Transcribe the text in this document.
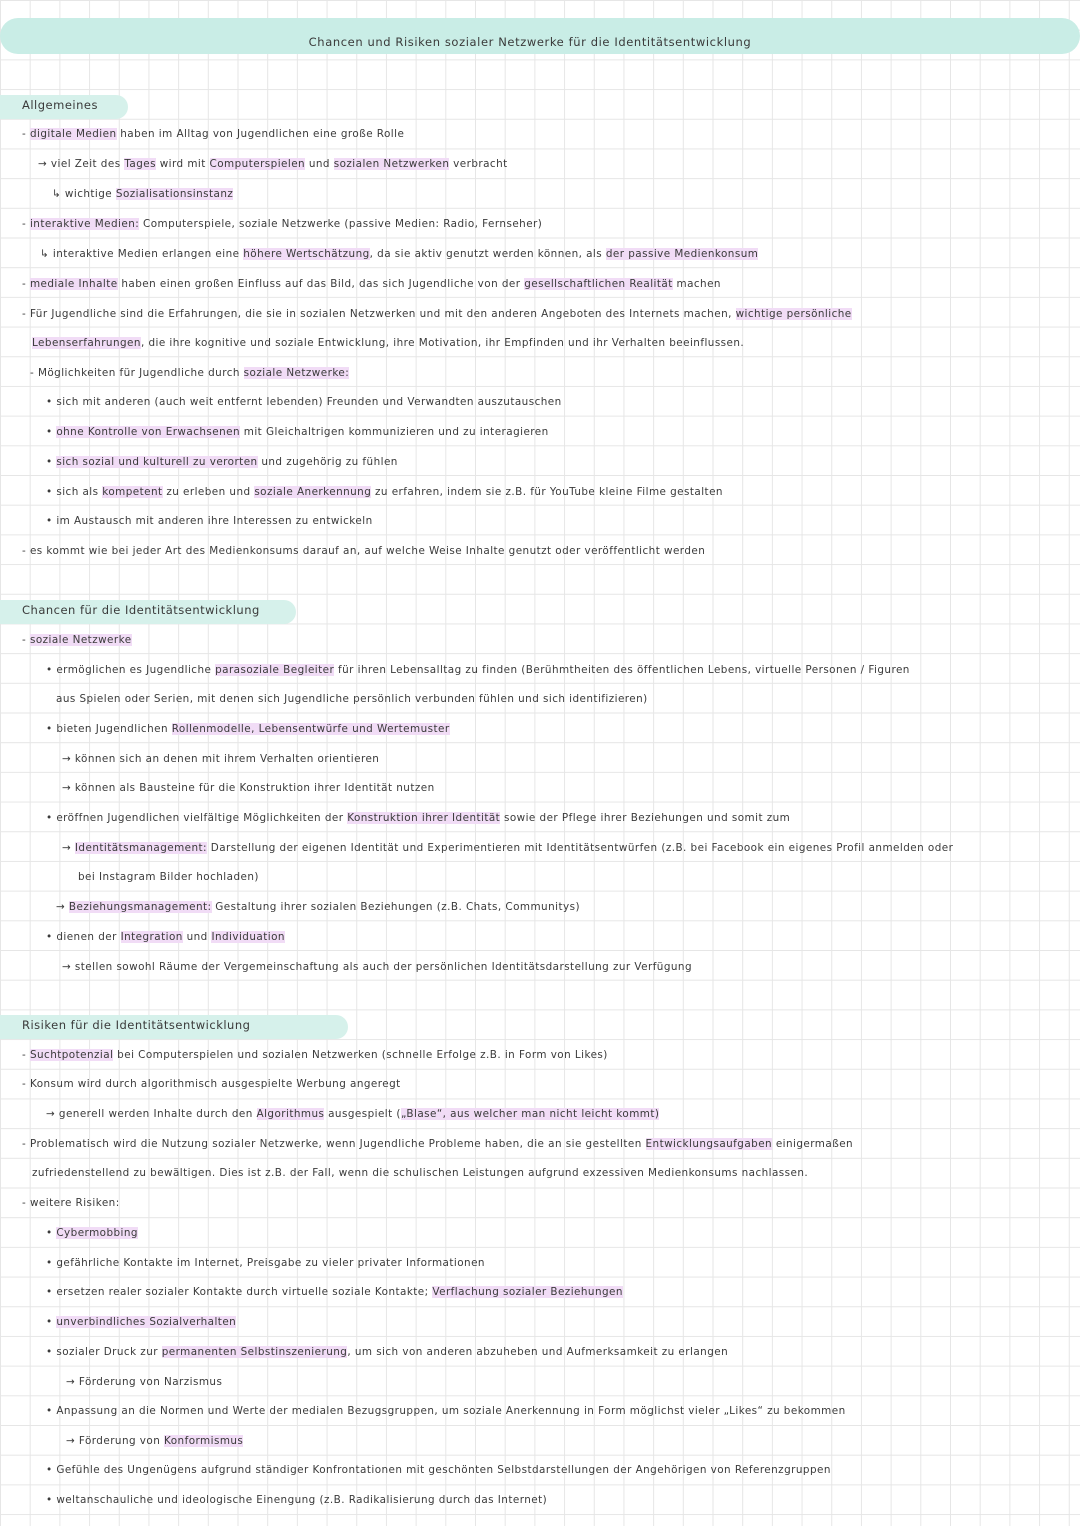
Chancen und Risiken sozialer Netzwerke für die Identitätsentwicklung
Allgemeines
- digitale Medien haben im Alltag von Jugendlichen eine große Rolle
→ viel Zeit des Tages wird mit Computerspielen und sozialen Netzwerken verbracht
↳ wichtige Sozialisationsinstanz
- interaktive Medien: Computerspiele, soziale Netzwerke (passive Medien: Radio, Fernseher)
↳ interaktive Medien erlangen eine höhere Wertschätzung, da sie aktiv genutzt werden können, als der passive Medienkonsum
- mediale Inhalte haben einen großen Einfluss auf das Bild, das sich Jugendliche von der gesellschaftlichen Realität machen
- Für Jugendliche sind die Erfahrungen, die sie in sozialen Netzwerken und mit den anderen Angeboten des Internets machen, wichtige persönliche
Lebenserfahrungen, die ihre kognitive und soziale Entwicklung, ihre Motivation, ihr Empfinden und ihr Verhalten beeinflussen.
- Möglichkeiten für Jugendliche durch soziale Netzwerke:
• sich mit anderen (auch weit entfernt lebenden) Freunden und Verwandten auszutauschen
• ohne Kontrolle von Erwachsenen mit Gleichaltrigen kommunizieren und zu interagieren
• sich sozial und kulturell zu verorten und zugehörig zu fühlen
• sich als kompetent zu erleben und soziale Anerkennung zu erfahren, indem sie z.B. für YouTube kleine Filme gestalten
• im Austausch mit anderen ihre Interessen zu entwickeln
- es kommt wie bei jeder Art des Medienkonsums darauf an, auf welche Weise Inhalte genutzt oder veröffentlicht werden
Chancen für die Identitätsentwicklung
- soziale Netzwerke
• ermöglichen es Jugendliche parasoziale Begleiter für ihren Lebensalltag zu finden (Berühmtheiten des öffentlichen Lebens, virtuelle Personen / Figuren
aus Spielen oder Serien, mit denen sich Jugendliche persönlich verbunden fühlen und sich identifizieren)
• bieten Jugendlichen Rollenmodelle, Lebensentwürfe und Wertemuster
→ können sich an denen mit ihrem Verhalten orientieren
→ können als Bausteine für die Konstruktion ihrer Identität nutzen
• eröffnen Jugendlichen vielfältige Möglichkeiten der Konstruktion ihrer Identität sowie der Pflege ihrer Beziehungen und somit zum
→ Identitätsmanagement: Darstellung der eigenen Identität und Experimentieren mit Identitätsentwürfen (z.B. bei Facebook ein eigenes Profil anmelden oder
bei Instagram Bilder hochladen)
→ Beziehungsmanagement: Gestaltung ihrer sozialen Beziehungen (z.B. Chats, Communitys)
• dienen der Integration und Individuation
→ stellen sowohl Räume der Vergemeinschaftung als auch der persönlichen Identitätsdarstellung zur Verfügung
Risiken für die Identitätsentwicklung
- Suchtpotenzial bei Computerspielen und sozialen Netzwerken (schnelle Erfolge z.B. in Form von Likes)
- Konsum wird durch algorithmisch ausgespielte Werbung angeregt
→ generell werden Inhalte durch den Algorithmus ausgespielt („Blase“, aus welcher man nicht leicht kommt)
- Problematisch wird die Nutzung sozialer Netzwerke, wenn Jugendliche Probleme haben, die an sie gestellten Entwicklungsaufgaben einigermaßen
zufriedenstellend zu bewältigen. Dies ist z.B. der Fall, wenn die schulischen Leistungen aufgrund exzessiven Medienkonsums nachlassen.
- weitere Risiken:
• Cybermobbing
• gefährliche Kontakte im Internet, Preisgabe zu vieler privater Informationen
• ersetzen realer sozialer Kontakte durch virtuelle soziale Kontakte; Verflachung sozialer Beziehungen
• unverbindliches Sozialverhalten
• sozialer Druck zur permanenten Selbstinszenierung, um sich von anderen abzuheben und Aufmerksamkeit zu erlangen
→ Förderung von Narzismus
• Anpassung an die Normen und Werte der medialen Bezugsgruppen, um soziale Anerkennung in Form möglichst vieler „Likes“ zu bekommen
→ Förderung von Konformismus
• Gefühle des Ungenügens aufgrund ständiger Konfrontationen mit geschönten Selbstdarstellungen der Angehörigen von Referenzgruppen
• weltanschauliche und ideologische Einengung (z.B. Radikalisierung durch das Internet)
